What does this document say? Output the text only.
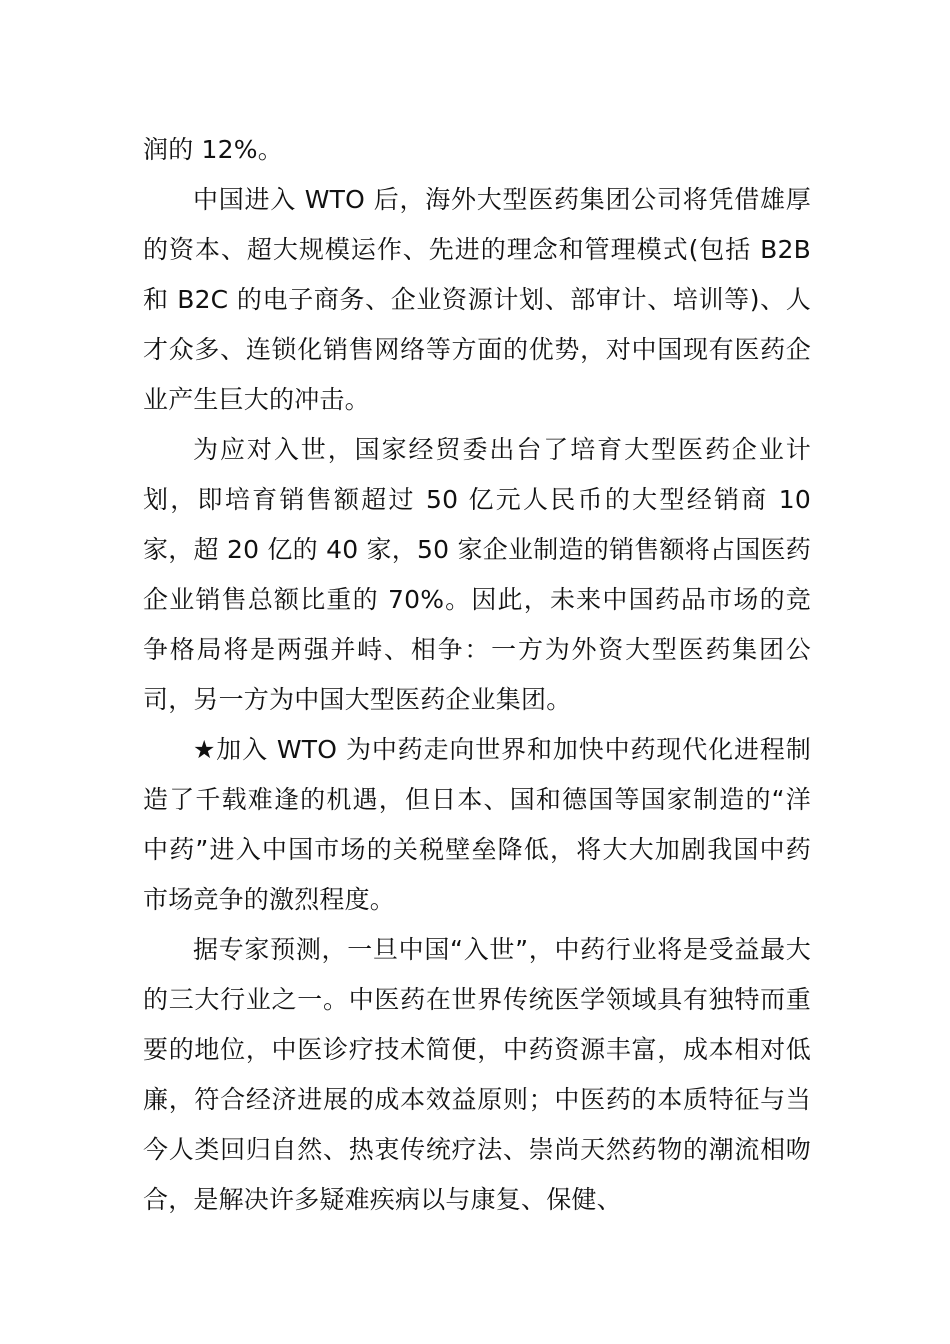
润的 12%。

中国进入 WTO 后，海外大型医药集团公司将凭借雄厚的资本、超大规模运作、先进的理念和管理模式(包括 B2B 和 B2C 的电子商务、企业资源计划、部审计、培训等)、人才众多、连锁化销售网络等方面的优势，对中国现有医药企业产生巨大的冲击。

为应对入世，国家经贸委出台了培育大型医药企业计划，即培育销售额超过 50 亿元人民币的大型经销商 10 家，超 20 亿的 40 家，50 家企业制造的销售额将占国医药企业销售总额比重的 70%。因此，未来中国药品市场的竞争格局将是两强并峙、相争：一方为外资大型医药集团公司，另一方为中国大型医药企业集团。

★加入 WTO 为中药走向世界和加快中药现代化进程制造了千载难逢的机遇，但日本、国和德国等国家制造的“洋中药”进入中国市场的关税壁垒降低，将大大加剧我国中药市场竞争的激烈程度。

据专家预测，一旦中国“入世”，中药行业将是受益最大的三大行业之一。中医药在世界传统医学领域具有独特而重要的地位，中医诊疗技术简便，中药资源丰富，成本相对低廉，符合经济进展的成本效益原则；中医药的本质特征与当今人类回归自然、热衷传统疗法、崇尚天然药物的潮流相吻合，是解决许多疑难疾病以与康复、保健、
